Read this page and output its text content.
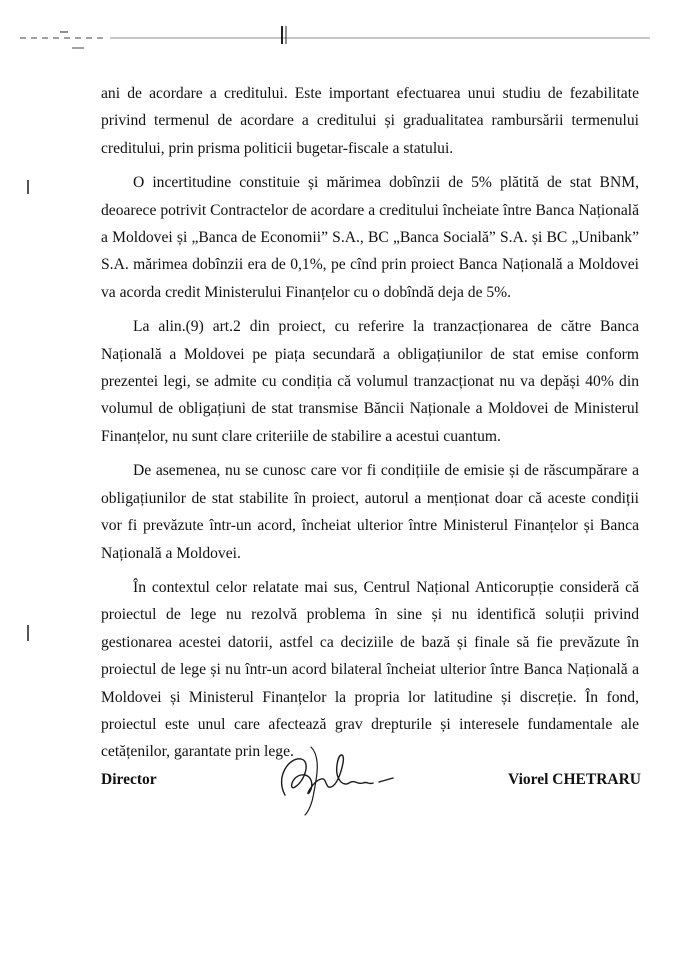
ani de acordare a creditului. Este important efectuarea unui studiu de fezabilitate privind termenul de acordare a creditului și gradualitatea rambursării termenului creditului, prin prisma politicii bugetar-fiscale a statului.

O incertitudine constituie și mărimea dobînzii de 5% plătită de stat BNM, deoarece potrivit Contractelor de acordare a creditului încheiate între Banca Națională a Moldovei și „Banca de Economii” S.A., BC „Banca Socială” S.A. și BC „Unibank” S.A. mărimea dobînzii era de 0,1%, pe cînd prin proiect Banca Națională a Moldovei va acorda credit Ministerului Finanțelor cu o dobîndă deja de 5%.

La alin.(9) art.2 din proiect, cu referire la tranzacționarea de către Banca Națională a Moldovei pe piața secundară a obligațiunilor de stat emise conform prezentei legi, se admite cu condiția că volumul tranzacționat nu va depăși 40% din volumul de obligațiuni de stat transmise Băncii Naționale a Moldovei de Ministerul Finanțelor, nu sunt clare criteriile de stabilire a acestui cuantum.

De asemenea, nu se cunosc care vor fi condițiile de emisie și de răscumpărare a obligațiunilor de stat stabilite în proiect, autorul a menționat doar că aceste condiții vor fi prevăzute într-un acord, încheiat ulterior între Ministerul Finanțelor și Banca Națională a Moldovei.

În contextul celor relatate mai sus, Centrul Național Anticorupție consideră că proiectul de lege nu rezolvă problema în sine și nu identifică soluții privind gestionarea acestei datorii, astfel ca deciziile de bază și finale să fie prevăzute în proiectul de lege și nu într-un acord bilateral încheiat ulterior între Banca Națională a Moldovei și Ministerul Finanțelor la propria lor latitudine și discreție. În fond, proiectul este unul care afectează grav drepturile și interesele fundamentale ale cetățenilor, garantate prin lege.

Director	Viorel CHETRARU
